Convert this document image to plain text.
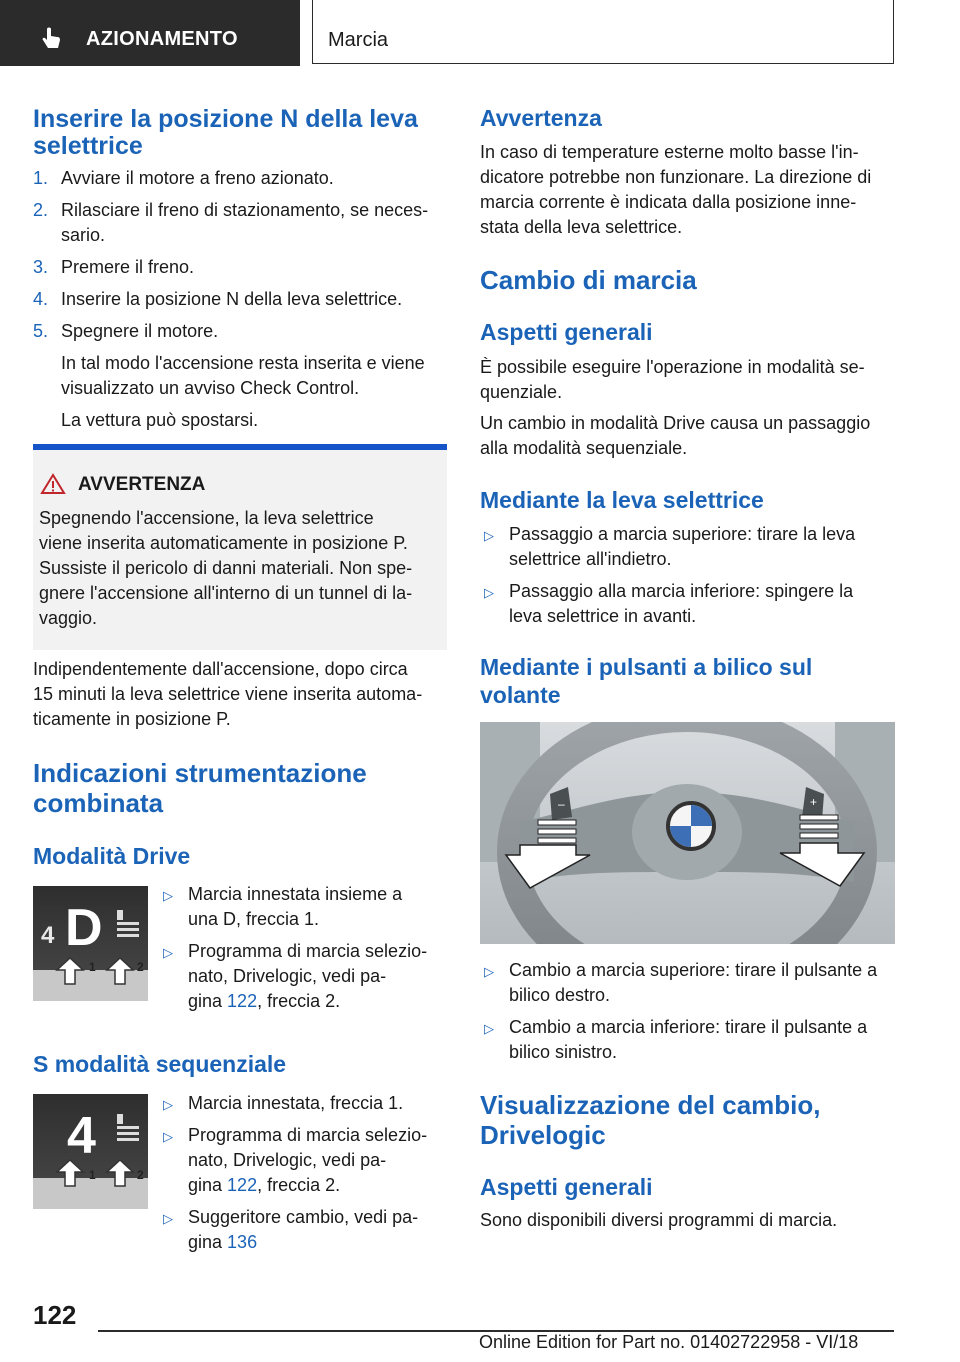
AZIONAMENTO	Marcia
Inserire la posizione N della leva
selettrice
1. Avviare il motore a freno azionato.
2. Rilasciare il freno di stazionamento, se neces-
sario.
3. Premere il freno.
4. Inserire la posizione N della leva selettrice.
5. Spegnere il motore.
In tal modo l'accensione resta inserita e viene
visualizzato un avviso Check Control.
La vettura può spostarsi.
AVVERTENZA
Spegnendo l'accensione, la leva selettrice
viene inserita automaticamente in posizione P.
Sussiste il pericolo di danni materiali. Non spe-
gnere l'accensione all'interno di un tunnel di la-
vaggio.
Indipendentemente dall'accensione, dopo circa
15 minuti la leva selettrice viene inserita automa-
ticamente in posizione P.
Indicazioni strumentazione
combinata
Modalità Drive
4 D
1	2
▷ Marcia innestata insieme a
una D, freccia 1.
▷ Programma di marcia selezio-
nato, Drivelogic, vedi pa-
gina 122, freccia 2.
S modalità sequenziale
4
1	2
▷ Marcia innestata, freccia 1.
▷ Programma di marcia selezio-
nato, Drivelogic, vedi pa-
gina 122, freccia 2.
▷ Suggeritore cambio, vedi pa-
gina 136
Avvertenza
In caso di temperature esterne molto basse l'in-
dicatore potrebbe non funzionare. La direzione di
marcia corrente è indicata dalla posizione inne-
stata della leva selettrice.
Cambio di marcia
Aspetti generali
È possibile eseguire l'operazione in modalità se-
quenziale.
Un cambio in modalità Drive causa un passaggio
alla modalità sequenziale.
Mediante la leva selettrice
▷ Passaggio a marcia superiore: tirare la leva
selettrice all'indietro.
▷ Passaggio alla marcia inferiore: spingere la
leva selettrice in avanti.
Mediante i pulsanti a bilico sul
volante
–	+
▷ Cambio a marcia superiore: tirare il pulsante a
bilico destro.
▷ Cambio a marcia inferiore: tirare il pulsante a
bilico sinistro.
Visualizzazione del cambio,
Drivelogic
Aspetti generali
Sono disponibili diversi programmi di marcia.
122
Online Edition for Part no. 01402722958 - VI/18
